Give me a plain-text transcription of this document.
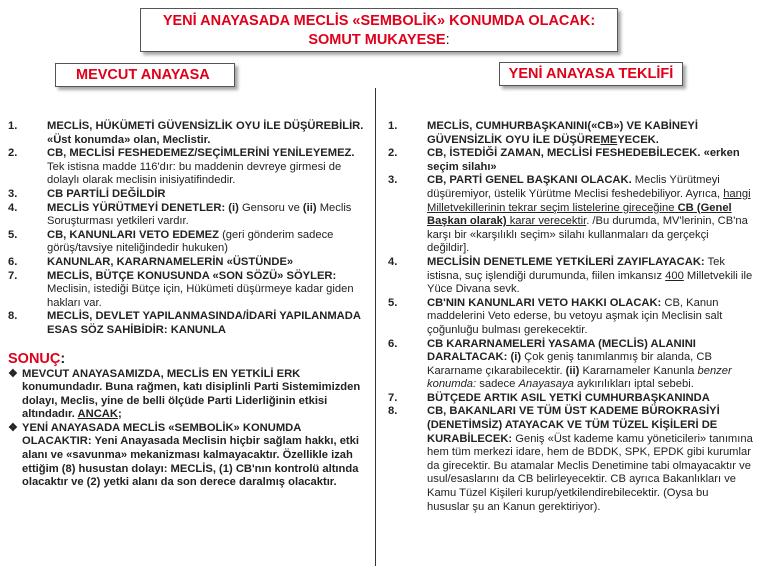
YENİ ANAYASADA MECLİS «SEMBOLİK» KONUMDA OLACAK:
SOMUT MUKAYESE:
MEVCUT ANAYASA	YENİ ANAYASA TEKLİFİ
1.	MECLİS, HÜKÜMETİ GÜVENSİZLİK OYU İLE DÜŞÜREBİLİR. «Üst konumda» olan, Meclistir.
2.	CB, MECLİSİ FESHEDEMEZ/SEÇİMLERİNİ YENİLEYEMEZ. Tek istisna madde 116'dır: bu maddenin devreye girmesi de dolaylı olarak meclisin inisiyatifindedir.
3.	CB PARTİLİ DEĞİLDİR
4.	MECLİS YÜRÜTMEYİ DENETLER: (i) Gensoru ve (ii) Meclis Soruşturması yetkileri vardır.
5.	CB, KANUNLARI VETO EDEMEZ (geri gönderim sadece görüş/tavsiye niteliğindedir hukuken)
6.	KANUNLAR, KARARNAMELERİN «ÜSTÜNDE»
7.	MECLİS, BÜTÇE KONUSUNDA «SON SÖZÜ» SÖYLER: Meclisin, istediği Bütçe için, Hükümeti düşürmeye kadar giden hakları var.
8.	MECLİS, DEVLET YAPILANMASINDA/İDARİ YAPILANMADA ESAS SÖZ SAHİBİDİR: KANUNLA
SONUÇ:
❖ MEVCUT ANAYASAMIZDA, MECLİS EN YETKİLİ ERK konumundadır. Buna rağmen, katı disiplinli Parti Sistemimizden dolayı, Meclis, yine de belli ölçüde Parti Liderliğinin etkisi altındadır. ANCAK;
❖ YENİ ANAYASADA MECLİS «SEMBOLİK» KONUMDA OLACAKTIR: Yeni Anayasada Meclisin hiçbir sağlam hakkı, etki alanı ve «savunma» mekanizması kalmayacaktır. Özellikle izah ettiğim (8) husustan dolayı: MECLİS, (1) CB'nın kontrolü altında olacaktır ve (2) yetki alanı da son derece daralmış olacaktır.
1.	MECLİS, CUMHURBAŞKANINI(«CB») VE KABİNEYİ GÜVENSİZLİK OYU İLE DÜŞÜREMEYECEK.
2.	CB, İSTEDİĞİ ZAMAN, MECLİSİ FESHEDEBİLECEK. «erken seçim silahı»
3.	CB, PARTİ GENEL BAŞKANI OLACAK. Meclis Yürütmeyi düşüremiyor, üstelik Yürütme Meclisi feshedebiliyor. Ayrıca, hangi Milletvekillerinin tekrar seçim listelerine gireceğine CB (Genel Başkan olarak) karar verecektir. /Bu durumda, MV'lerinin, CB'na karşı bir «karşılıklı seçim» silahı kullanmaları da gerçekçi değildir].
4.	MECLİSİN DENETLEME YETKİLERİ ZAYIFLAYACAK: Tek istisna, suç işlendiği durumunda, fiilen imkansız 400 Milletvekili ile Yüce Divana sevk.
5.	CB'NIN KANUNLARI VETO HAKKI OLACAK: CB, Kanun maddelerini Veto ederse, bu vetoyu aşmak için Meclisin salt çoğunluğu bulması gerekecektir.
6.	CB KARARNAMELERİ YASAMA (MECLİS) ALANINI DARALTACAK: (i) Çok geniş tanımlanmış bir alanda, CB Kararname çıkarabilecektir. (ii) Kararnameler Kanunla benzer konumda: sadece Anayasaya aykırılıkları iptal sebebi.
7.	BÜTÇEDE ARTIK ASIL YETKİ CUMHURBAŞKANINDA
8.	CB, BAKANLARI VE TÜM ÜST KADEME BÜROKRASİYİ (DENETİMSİZ) ATAYACAK VE TÜM TÜZEL KİŞİLERİ DE KURABİLECEK: Geniş «Üst kademe kamu yöneticileri» tanımına hem tüm merkezi idare, hem de BDDK, SPK, EPDK gibi kurumlar da girecektir. Bu atamalar Meclis Denetimine tabi olmayacaktır ve usul/esaslarını da CB belirleyecektir. CB ayrıca Bakanlıkları ve Kamu Tüzel Kişileri kurup/yetkilendirebilecektir. (Oysa bu hususlar şu an Kanun gerektiriyor).
